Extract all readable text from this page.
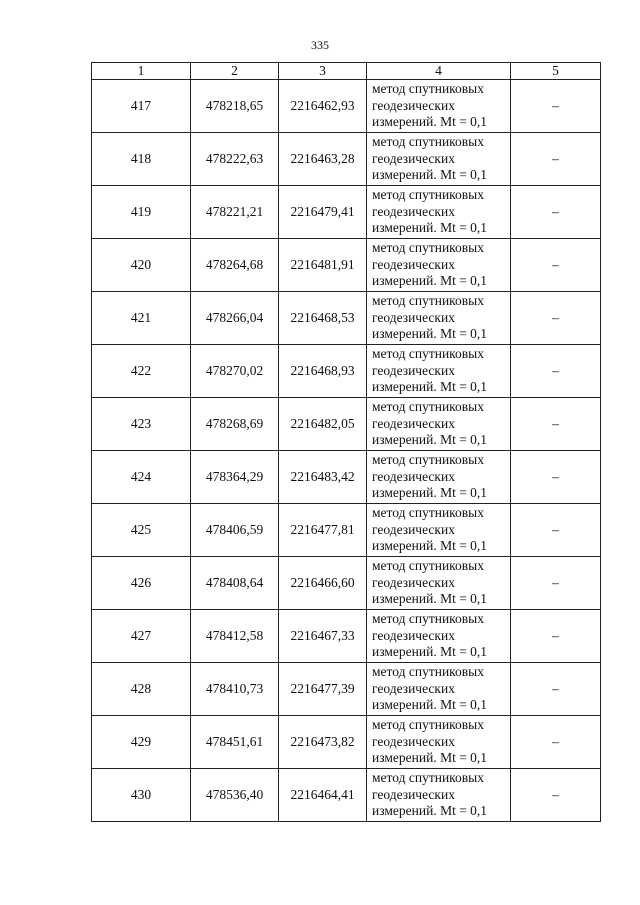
335
1	2	3	4	5
417	478218,65	2216462,93	метод спутниковых
геодезических
измерений. Mt = 0,1	–
418	478222,63	2216463,28	метод спутниковых
геодезических
измерений. Mt = 0,1	–
419	478221,21	2216479,41	метод спутниковых
геодезических
измерений. Mt = 0,1	–
420	478264,68	2216481,91	метод спутниковых
геодезических
измерений. Mt = 0,1	–
421	478266,04	2216468,53	метод спутниковых
геодезических
измерений. Mt = 0,1	–
422	478270,02	2216468,93	метод спутниковых
геодезических
измерений. Mt = 0,1	–
423	478268,69	2216482,05	метод спутниковых
геодезических
измерений. Mt = 0,1	–
424	478364,29	2216483,42	метод спутниковых
геодезических
измерений. Mt = 0,1	–
425	478406,59	2216477,81	метод спутниковых
геодезических
измерений. Mt = 0,1	–
426	478408,64	2216466,60	метод спутниковых
геодезических
измерений. Mt = 0,1	–
427	478412,58	2216467,33	метод спутниковых
геодезических
измерений. Mt = 0,1	–
428	478410,73	2216477,39	метод спутниковых
геодезических
измерений. Mt = 0,1	–
429	478451,61	2216473,82	метод спутниковых
геодезических
измерений. Mt = 0,1	–
430	478536,40	2216464,41	метод спутниковых
геодезических
измерений. Mt = 0,1	–
